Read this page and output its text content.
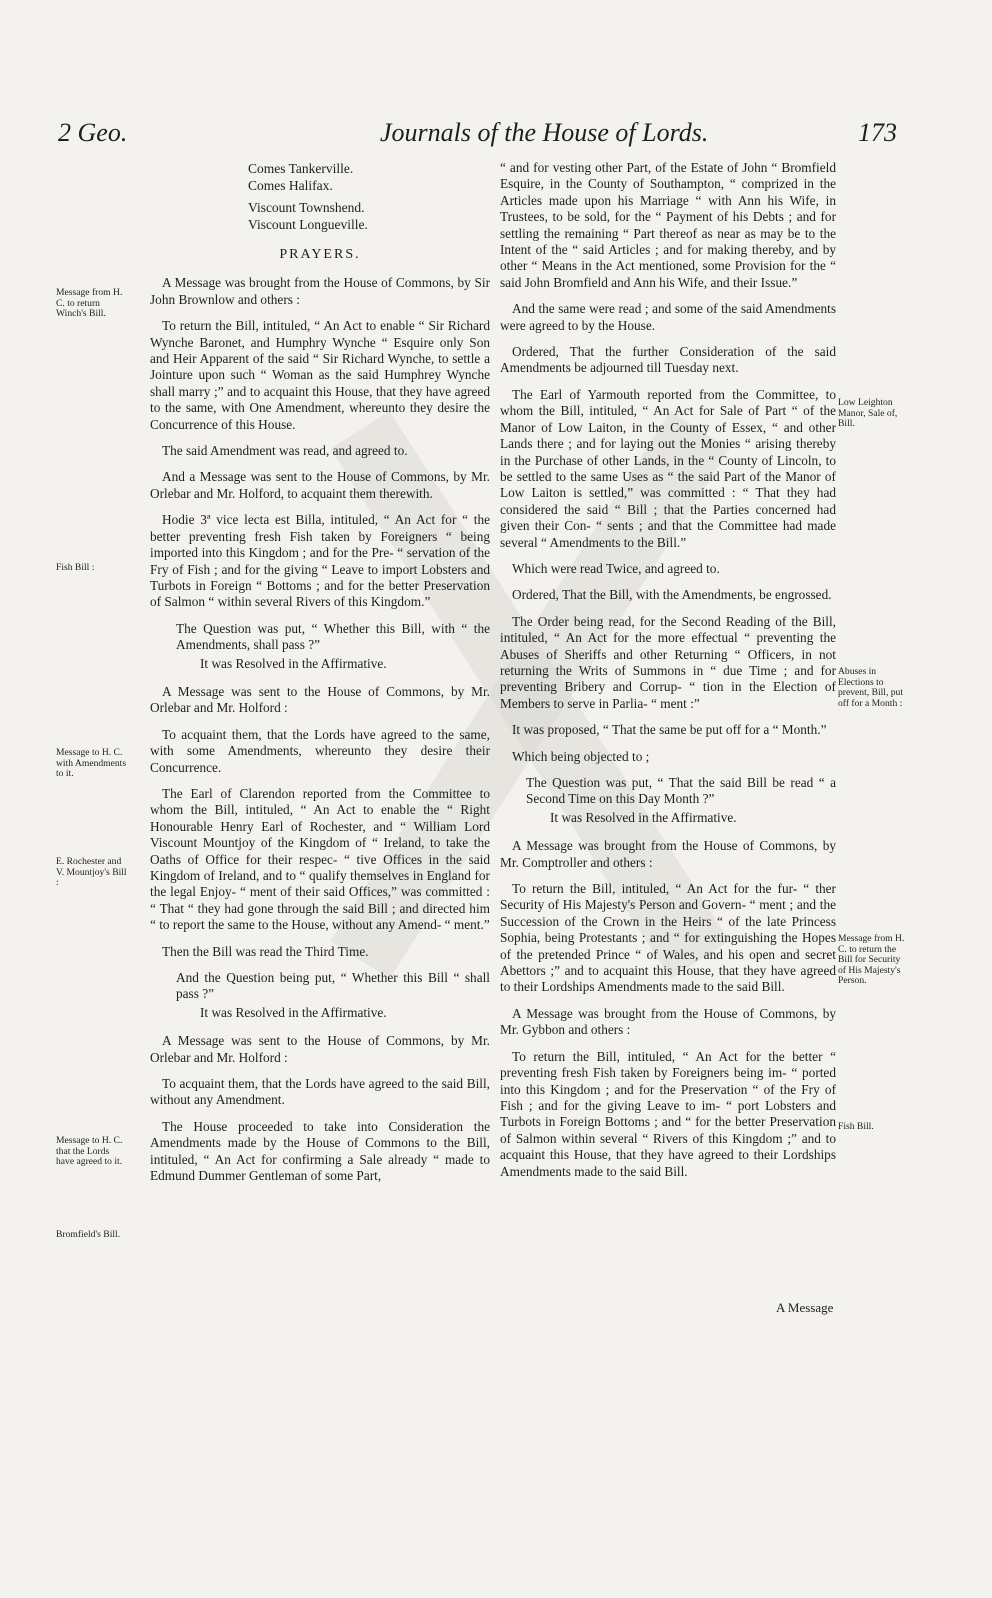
2 Geo.	Journals of the House of Lords.	173
Message from H. C. to return Winch's Bill.
Fish Bill :
Message to H. C. with Amendments to it.
E. Rochester and V. Mountjoy's Bill :
Message to H. C. that the Lords have agreed to it.
Bromfield's Bill.
Low Leighton Manor, Sale of, Bill.
Abuses in Elections to prevent, Bill, put off for a Month :
Message from H. C. to return the Bill for Security of His Majesty's Person.
Fish Bill.

Comes Tankerville.

Comes Halifax.

Viscount Townshend.

Viscount Longueville.

PRAYERS.

A Message was brought from the House of Commons, by Sir John Brownlow and others :

To return the Bill, intituled, “ An Act to enable “ Sir Richard Wynche Baronet, and Humphry Wynche “ Esquire only Son and Heir Apparent of the said “ Sir Richard Wynche, to settle a Jointure upon such “ Woman as the said Humphrey Wynche shall marry ;” and to acquaint this House, that they have agreed to the same, with One Amendment, whereunto they desire the Concurrence of this House.

The said Amendment was read, and agreed to.

And a Message was sent to the House of Commons, by Mr. Orlebar and Mr. Holford, to acquaint them therewith.

Hodie 3ª vice lecta est Billa, intituled, “ An Act for “ the better preventing fresh Fish taken by Foreigners “ being imported into this Kingdom ; and for the Pre- “ servation of the Fry of Fish ; and for the giving “ Leave to import Lobsters and Turbots in Foreign “ Bottoms ; and for the better Preservation of Salmon “ within several Rivers of this Kingdom.”

The Question was put, “ Whether this Bill, with “ the Amendments, shall pass ?”

It was Resolved in the Affirmative.

A Message was sent to the House of Commons, by Mr. Orlebar and Mr. Holford :

To acquaint them, that the Lords have agreed to the same, with some Amendments, whereunto they desire their Concurrence.

The Earl of Clarendon reported from the Committee to whom the Bill, intituled, “ An Act to enable the “ Right Honourable Henry Earl of Rochester, and “ William Lord Viscount Mountjoy of the Kingdom of “ Ireland, to take the Oaths of Office for their respec- “ tive Offices in the said Kingdom of Ireland, and to “ qualify themselves in England for the legal Enjoy- “ ment of their said Offices,” was committed : “ That “ they had gone through the said Bill ; and directed him “ to report the same to the House, without any Amend- “ ment.”

Then the Bill was read the Third Time.

And the Question being put, “ Whether this Bill “ shall pass ?”

It was Resolved in the Affirmative.

A Message was sent to the House of Commons, by Mr. Orlebar and Mr. Holford :

To acquaint them, that the Lords have agreed to the said Bill, without any Amendment.

The House proceeded to take into Consideration the Amendments made by the House of Commons to the Bill, intituled, “ An Act for confirming a Sale already “ made to Edmund Dummer Gentleman of some Part,

“ and for vesting other Part, of the Estate of John “ Bromfield Esquire, in the County of Southampton, “ comprized in the Articles made upon his Marriage “ with Ann his Wife, in Trustees, to be sold, for the “ Payment of his Debts ; and for settling the remaining “ Part thereof as near as may be to the Intent of the “ said Articles ; and for making thereby, and by other “ Means in the Act mentioned, some Provision for the “ said John Bromfield and Ann his Wife, and their Issue.”

And the same were read ; and some of the said Amendments were agreed to by the House.

Ordered, That the further Consideration of the said Amendments be adjourned till Tuesday next.

The Earl of Yarmouth reported from the Committee, to whom the Bill, intituled, “ An Act for Sale of Part “ of the Manor of Low Laiton, in the County of Essex, “ and other Lands there ; and for laying out the Monies “ arising thereby in the Purchase of other Lands, in the “ County of Lincoln, to be settled to the same Uses as “ the said Part of the Manor of Low Laiton is settled,” was committed : “ That they had considered the said “ Bill ; that the Parties concerned had given their Con- “ sents ; and that the Committee had made several “ Amendments to the Bill.”

Which were read Twice, and agreed to.

Ordered, That the Bill, with the Amendments, be engrossed.

The Order being read, for the Second Reading of the Bill, intituled, “ An Act for the more effectual “ preventing the Abuses of Sheriffs and other Returning “ Officers, in not returning the Writs of Summons in “ due Time ; and for preventing Bribery and Corrup- “ tion in the Election of Members to serve in Parlia- “ ment :”

It was proposed, “ That the same be put off for a “ Month.”

Which being objected to ;

The Question was put, “ That the said Bill be read “ a Second Time on this Day Month ?”

It was Resolved in the Affirmative.

A Message was brought from the House of Commons, by Mr. Comptroller and others :

To return the Bill, intituled, “ An Act for the fur- “ ther Security of His Majesty's Person and Govern- “ ment ; and the Succession of the Crown in the Heirs “ of the late Princess Sophia, being Protestants ; and “ for extinguishing the Hopes of the pretended Prince “ of Wales, and his open and secret Abettors ;” and to acquaint this House, that they have agreed to their Lordships Amendments made to the said Bill.

A Message was brought from the House of Commons, by Mr. Gybbon and others :

To return the Bill, intituled, “ An Act for the better “ preventing fresh Fish taken by Foreigners being im- “ ported into this Kingdom ; and for the Preservation “ of the Fry of Fish ; and for the giving Leave to im- “ port Lobsters and Turbots in Foreign Bottoms ; and “ for the better Preservation of Salmon within several “ Rivers of this Kingdom ;” and to acquaint this House, that they have agreed to their Lordships Amendments made to the said Bill.

A Message
